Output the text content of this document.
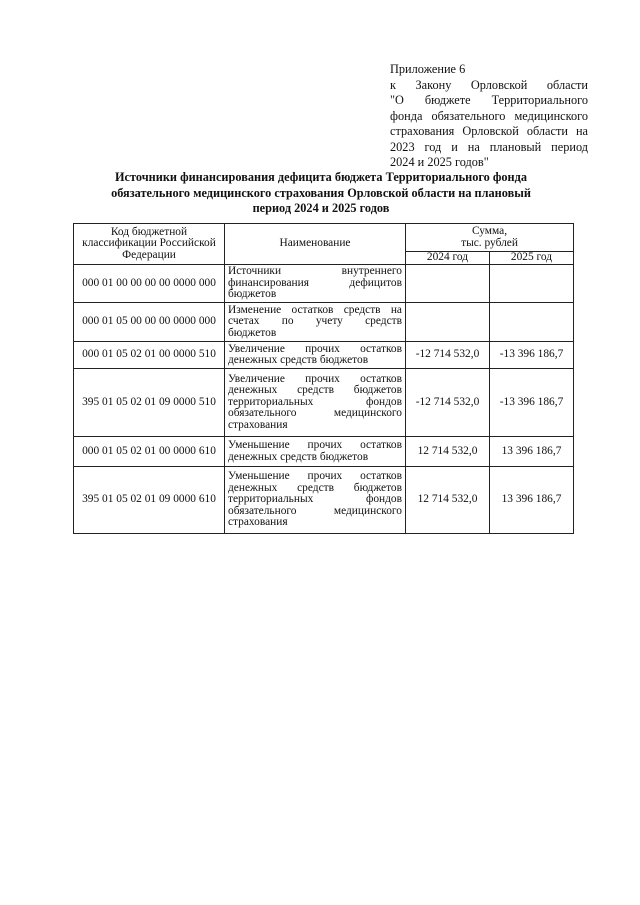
Приложение 6
к Закону Орловской области
"О бюджете Территориального
фонда обязательного медицинского
страхования Орловской области на
2023 год и на плановый период
2024 и 2025 годов"
Источники финансирования дефицита бюджета Территориального фонда
обязательного медицинского страхования Орловской области на плановый
период 2024 и 2025 годов
Код бюджетной
классификации Российской
Федерации	Наименование	Сумма,
тыс. рублей	
		2024 год	2025 год
000 01 00 00 00 00 0000 000	Источники внутреннего
финансирования дефицитов
бюджетов		

000 01 05 00 00 00 0000 000	Изменение остатков средств на
счетах по учету средств
бюджетов		

000 01 05 02 01 00 0000 510	Увеличение прочих остатков
денежных средств бюджетов	-12 714 532,0	-13 396 186,7
395 01 05 02 01 09 0000 510	Увеличение прочих остатков
денежных средств бюджетов
территориальных фондов
обязательного медицинского
страхования	-12 714 532,0	-13 396 186,7
000 01 05 02 01 00 0000 610	Уменьшение прочих остатков
денежных средств бюджетов	12 714 532,0	13 396 186,7
395 01 05 02 01 09 0000 610	Уменьшение прочих остатков
денежных средств бюджетов
территориальных фондов
обязательного медицинского
страхования	12 714 532,0	13 396 186,7
